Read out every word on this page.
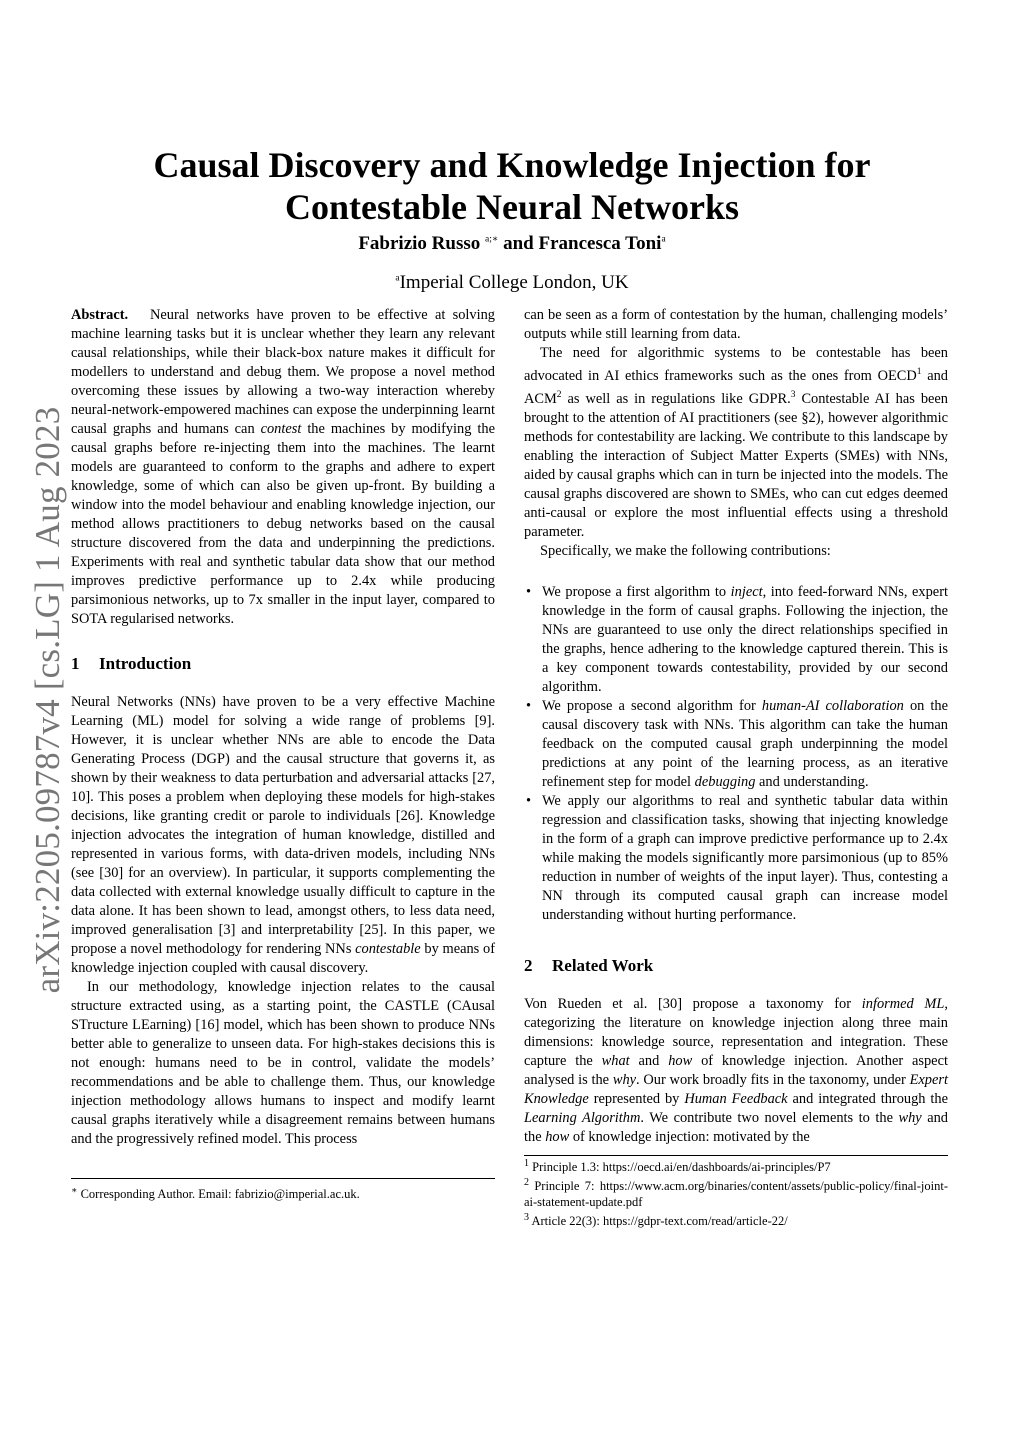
arXiv:2205.09787v4 [cs.LG] 1 Aug 2023
Causal Discovery and Knowledge Injection for
Contestable Neural Networks
Fabrizio Russo $^{a;∗}$ and Francesca Toni$^a$
$^a$Imperial College London, UK

Abstract. Neural networks have proven to be effective at solving machine learning tasks but it is unclear whether they learn any relevant causal relationships, while their black-box nature makes it difficult for modellers to understand and debug them. We propose a novel method overcoming these issues by allowing a two-way interaction whereby neural-network-empowered machines can expose the underpinning learnt causal graphs and humans can contest the machines by modifying the causal graphs before re-injecting them into the machines. The learnt models are guaranteed to conform to the graphs and adhere to expert knowledge, some of which can also be given up-front. By building a window into the model behaviour and enabling knowledge injection, our method allows practitioners to debug networks based on the causal structure discovered from the data and underpinning the predictions. Experiments with real and synthetic tabular data show that our method improves predictive performance up to 2.4x while producing parsimonious networks, up to 7x smaller in the input layer, compared to SOTA regularised networks.

1 Introduction

Neural Networks (NNs) have proven to be a very effective Machine Learning (ML) model for solving a wide range of problems [9]. However, it is unclear whether NNs are able to encode the Data Generating Process (DGP) and the causal structure that governs it, as shown by their weakness to data perturbation and adversarial attacks [27, 10]. This poses a problem when deploying these models for high-stakes decisions, like granting credit or parole to individuals [26]. Knowledge injection advocates the integration of human knowledge, distilled and represented in various forms, with data-driven models, including NNs (see [30] for an overview). In particular, it supports complementing the data collected with external knowledge usually difficult to capture in the data alone. It has been shown to lead, amongst others, to less data need, improved generalisation [3] and interpretability [25]. In this paper, we propose a novel methodology for rendering NNs contestable by means of knowledge injection coupled with causal discovery.

In our methodology, knowledge injection relates to the causal structure extracted using, as a starting point, the CASTLE (CAusal STructure LEarning) [16] model, which has been shown to produce NNs better able to generalize to unseen data. For high-stakes decisions this is not enough: humans need to be in control, validate the models’ recommendations and be able to challenge them. Thus, our knowledge injection methodology allows humans to inspect and modify learnt causal graphs iteratively while a disagreement remains between humans and the progressively refined model. This process

∗ Corresponding Author. Email: fabrizio@imperial.ac.uk.

can be seen as a form of contestation by the human, challenging models’ outputs while still learning from data.

The need for algorithmic systems to be contestable has been advocated in AI ethics frameworks such as the ones from OECD$^1$ and ACM$^2$ as well as in regulations like GDPR.$^3$ Contestable AI has been brought to the attention of AI practitioners (see §2), however algorithmic methods for contestability are lacking. We contribute to this landscape by enabling the interaction of Subject Matter Experts (SMEs) with NNs, aided by causal graphs which can in turn be injected into the models. The causal graphs discovered are shown to SMEs, who can cut edges deemed anti-causal or explore the most influential effects using a threshold parameter.

Specifically, we make the following contributions:

• We propose a first algorithm to inject, into feed-forward NNs, expert knowledge in the form of causal graphs. Following the injection, the NNs are guaranteed to use only the direct relationships specified in the graphs, hence adhering to the knowledge captured therein. This is a key component towards contestability, provided by our second algorithm.
• We propose a second algorithm for human-AI collaboration on the causal discovery task with NNs. This algorithm can take the human feedback on the computed causal graph underpinning the model predictions at any point of the learning process, as an iterative refinement step for model debugging and understanding.
• We apply our algorithms to real and synthetic tabular data within regression and classification tasks, showing that injecting knowledge in the form of a graph can improve predictive performance up to 2.4x while making the models significantly more parsimonious (up to 85% reduction in number of weights of the input layer). Thus, contesting a NN through its computed causal graph can increase model understanding without hurting performance.
2 Related Work

Von Rueden et al. [30] propose a taxonomy for informed ML, categorizing the literature on knowledge injection along three main dimensions: knowledge source, representation and integration. These capture the what and how of knowledge injection. Another aspect analysed is the why. Our work broadly fits in the taxonomy, under Expert Knowledge represented by Human Feedback and integrated through the Learning Algorithm. We contribute two novel elements to the why and the how of knowledge injection: motivated by the

$^1$ Principle 1.3: https://oecd.ai/en/dashboards/ai-principles/P7

$^2$ Principle 7: https://www.acm.org/binaries/content/assets/public-policy/final-joint-ai-statement-update.pdf

$^3$ Article 22(3): https://gdpr-text.com/read/article-22/
